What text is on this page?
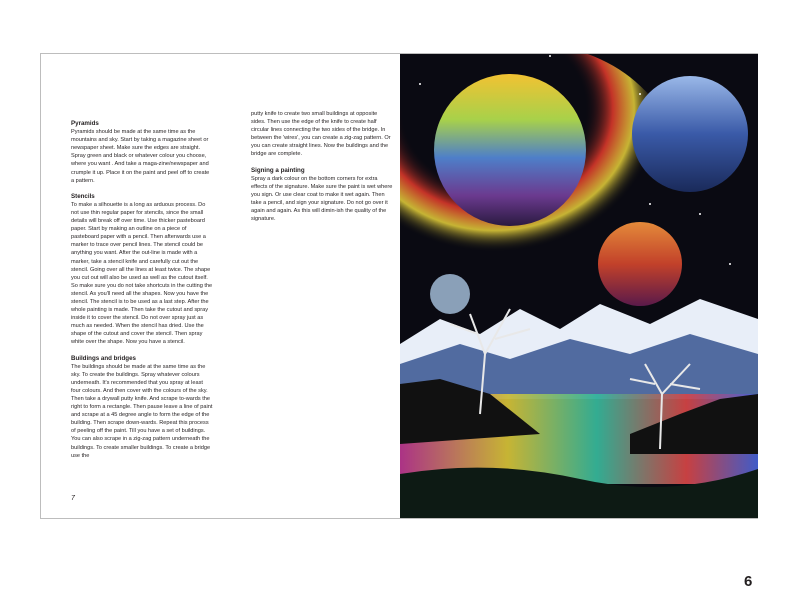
Pyramids

Pyramids should be made at the same time as the mountains and sky. Start by taking a magazine sheet or newspaper sheet. Make sure the edges are straight. Spray green and black or whatever colour you choose, where you want . And take a maga-zine/newspaper and crumple it up. Place it on the paint and peel off to create a pattern.

Stencils

To make a silhouette is a long as arduous process. Do not use thin regular paper for stencils, since the small details will break off over time. Use thicker pasteboard paper. Start by making an outline on a piece of pasteboard paper with a pencil. Then afterwards use a marker to trace over pencil lines. The stencil could be anything you want. After the out-line is made with a marker, take a stencil knife and carefully cut out the stencil. Going over all the lines at least twice. The shape you cut out will also be used as well as the cutout itself. So make sure you do not take shortcuts in the cutting the stencil. As you'll need all the shapes. Now you have the stencil. The stencil is to be used as a last step. After the whole painting is made. Then take the cutout and spray inside it to cover the stencil. Do not over spray just as much as needed. When the stencil has dried. Use the shape of the cutout and cover the stencil. Then spray white over the shape. Now you have a stencil.

Buildings and bridges

The buildings should be made at the same time as the sky. To create the buildings. Spray whatever colours underneath. It's recommended that you spray at least four colours. And then cover with the colours of the sky. Then take a drywall putty knife. And scrape to-wards the right to form a rectangle. Then pause leave a line of paint and scrape at a 45 degree angle to form the edge of the building. Then scrape down-wards. Repeat this process of peeling off the paint. Till you have a set of buildings. You can also scrape in a zig-zag pattern underneath the buildings. To create smaller buildings. To create a bridge use the

putty knife to create two small buildings at opposite sides. Then use the edge of the knife to create half circular lines connecting the two sides of the bridge. In between the 'wires', you can create a zig-zag pattern. Or you can create straight lines. Now the buildings and the bridge are complete.

Signing a painting

Spray a dark colour on the bottom corners for extra effects of the signature. Make sure the paint is wet where you sign. Or use clear coat to make it wet again. Then take a pencil, and sign your signature. Do not go over it again and again. As this will dimin-ish the quality of the signature.

7
6
